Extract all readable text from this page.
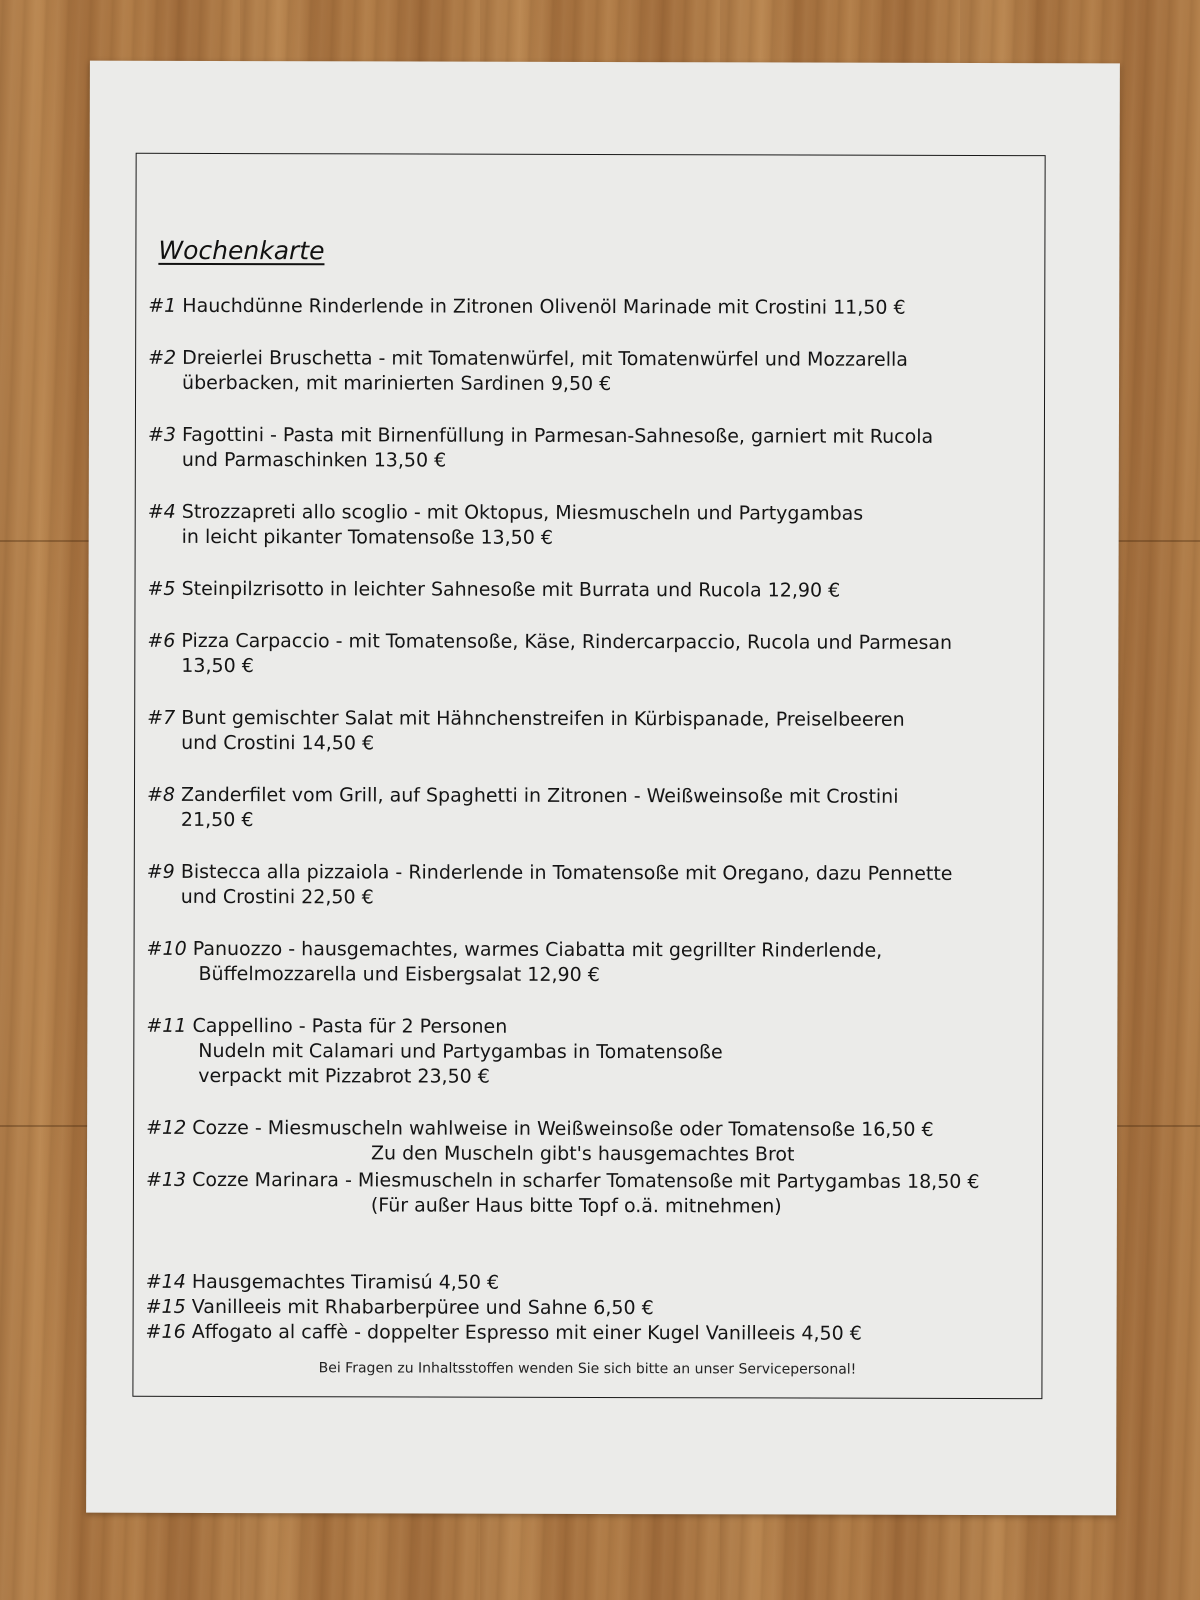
Wochenkarte

#1 Hauchdünne Rinderlende in Zitronen Olivenöl Marinade mit Crostini 11,50 €

#2 Dreierlei Bruschetta - mit Tomatenwürfel, mit Tomatenwürfel und Mozzarella
überbacken, mit marinierten Sardinen 9,50 €

#3 Fagottini - Pasta mit Birnenfüllung in Parmesan-Sahnesoße, garniert mit Rucola
und Parmaschinken 13,50 €

#4 Strozzapreti allo scoglio - mit Oktopus, Miesmuscheln und Partygambas
in leicht pikanter Tomatensoße 13,50 €

#5 Steinpilzrisotto in leichter Sahnesoße mit Burrata und Rucola 12,90 €

#6 Pizza Carpaccio - mit Tomatensoße, Käse, Rindercarpaccio, Rucola und Parmesan
13,50 €

#7 Bunt gemischter Salat mit Hähnchenstreifen in Kürbispanade, Preiselbeeren
und Crostini 14,50 €

#8 Zanderfilet vom Grill, auf Spaghetti in Zitronen - Weißweinsoße mit Crostini
21,50 €

#9 Bistecca alla pizzaiola - Rinderlende in Tomatensoße mit Oregano, dazu Pennette
und Crostini 22,50 €

#10 Panuozzo - hausgemachtes, warmes Ciabatta mit gegrillter Rinderlende,
Büffelmozzarella und Eisbergsalat 12,90 €

#11 Cappellino - Pasta für 2 Personen
Nudeln mit Calamari und Partygambas in Tomatensoße
verpackt mit Pizzabrot 23,50 €

#12 Cozze - Miesmuscheln wahlweise in Weißweinsoße oder Tomatensoße 16,50 €
Zu den Muscheln gibt's hausgemachtes Brot

#13 Cozze Marinara - Miesmuscheln in scharfer Tomatensoße mit Partygambas 18,50 €
(Für außer Haus bitte Topf o.ä. mitnehmen)

#14 Hausgemachtes Tiramisú 4,50 €

#15 Vanilleeis mit Rhabarberpüree und Sahne 6,50 €

#16 Affogato al caffè - doppelter Espresso mit einer Kugel Vanilleeis 4,50 €

Bei Fragen zu Inhaltsstoffen wenden Sie sich bitte an unser Servicepersonal!
